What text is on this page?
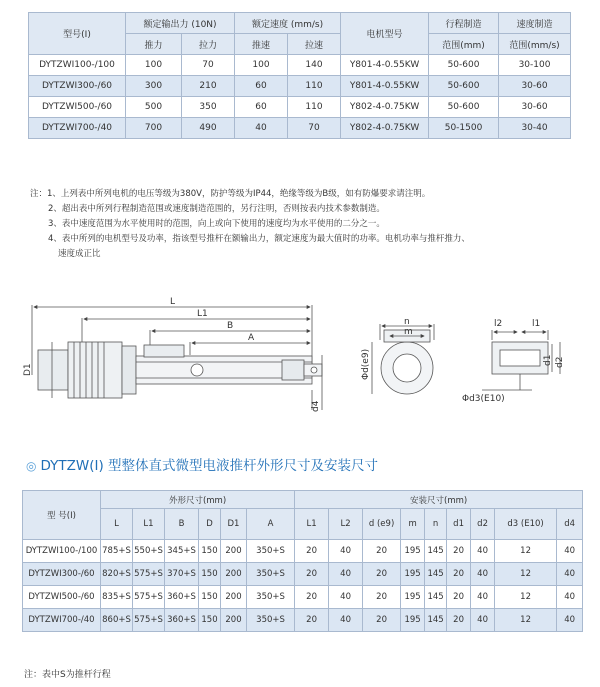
型号(Ⅰ)	额定输出力 (10N)		额定速度 (mm/s)		电机型号	行程制造	速度制造
	推力	拉力	推速	拉速		范围(mm)	范围(mm/s)
DYTZWI100-/100	100	70	100	140	Y801-4-0.55KW	50-600	30-100
DYTZWI300-/60	300	210	60	110	Y801-4-0.55KW	50-600	30-60
DYTZWI500-/60	500	350	60	110	Y802-4-0.75KW	50-600	30-60
DYTZWI700-/40	700	490	40	70	Y802-4-0.75KW	50-1500	30-40
注：1、上列表中所列电机的电压等级为380V，防护等级为IP44，绝缘等级为B级，如有防爆要求请注明。
2、超出表中所列行程制造范围或速度制造范围的，另行注明，否则按表内技术参数制造。
3、表中速度范围为水平使用时的范围，向上或向下使用的速度均为水平使用的二分之一。
4、表中所列的电机型号及功率，指该型号推杆在额输出力，额定速度为最大值时的功率。电机功率与推杆推力、
速度成正比
L
L1
B
A
D1
d4
Φd(e9)
n
m
l2	l1
d1 d2
Φd3(E10)
◎ DYTZW(I) 型整体直式微型电液推杆外形尺寸及安装尺寸
型 号(Ⅰ)	外形尺寸(mm)						安装尺寸(mm)								
	L	L1	B	D	D1	A	L1	L2	d (e9)	m	n	d1	d2	d3 (E10)	d4
DYTZWⅠ100-/100	785+S	550+S	345+S	150	200	350+S	20	40	20	195	145	20	40	12	40
DYTZWⅠ300-/60	820+S	575+S	370+S	150	200	350+S	20	40	20	195	145	20	40	12	40
DYTZWⅠ500-/60	835+S	575+S	360+S	150	200	350+S	20	40	20	195	145	20	40	12	40
DYTZWⅠ700-/40	860+S	575+S	360+S	150	200	350+S	20	40	20	195	145	20	40	12	40
注：表中S为推杆行程
